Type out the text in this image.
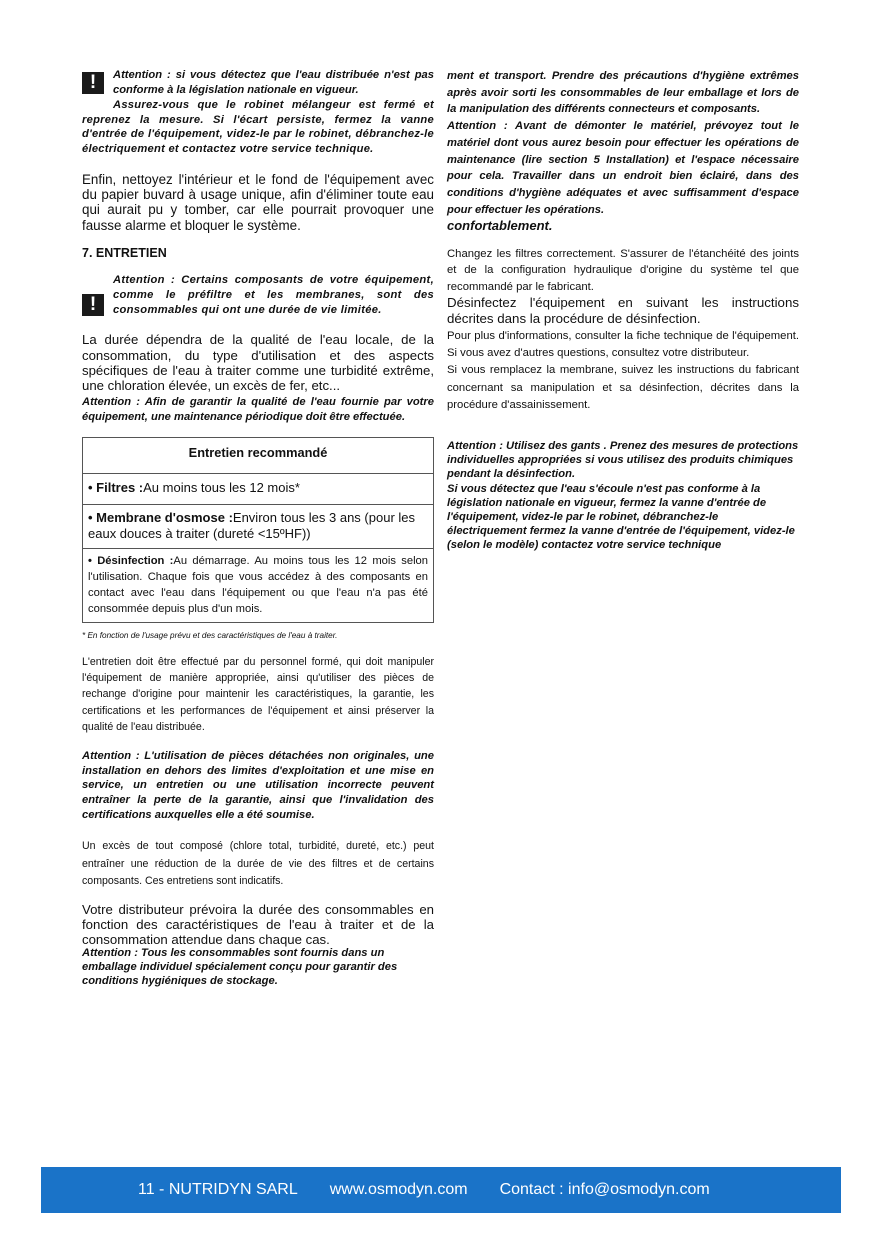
!	Attention : si vous détectez que l'eau distribuée n'est pas conforme à la législation nationale en vigueur.

Assurez-vous que le robinet mélangeur est fermé et reprenez la mesure. Si l'écart persiste, fermez la vanne d'entrée de l'équipement, videz-le par le robinet, débranchez-le électriquement et contactez votre service technique.

Enfin, nettoyez l'intérieur et le fond de l'équipement avec du papier buvard à usage unique, afin d'éliminer toute eau qui aurait pu y tomber, car elle pourrait provoquer une fausse alarme et bloquer le système.

7. ENTRETIEN
!

Attention : Certains composants de votre équipement, comme le préfiltre et les membranes, sont des consommables qui ont une durée de vie limitée.

La durée dépendra de la qualité de l'eau locale, de la consommation, du type d'utilisation et des aspects spécifiques de l'eau à traiter comme une turbidité extrême, une chloration élevée, un excès de fer, etc...

Attention : Afin de garantir la qualité de l'eau fournie par votre équipement, une maintenance périodique doit être effectuée.

Entretien recommandé
• Filtres :Au moins tous les 12 mois*
• Membrane d'osmose :Environ tous les 3 ans (pour les eaux douces à traiter (dureté <15ºHF))
• Désinfection :Au démarrage. Au moins tous les 12 mois selon l'utilisation. Chaque fois que vous accédez à des composants en contact avec l'eau dans l'équipement ou que l'eau n'a pas été consommée depuis plus d'un mois.

* En fonction de l'usage prévu et des caractéristiques de l'eau à traiter.

L'entretien doit être effectué par du personnel formé, qui doit manipuler l'équipement de manière appropriée, ainsi qu'utiliser des pièces de rechange d'origine pour maintenir les caractéristiques, la garantie, les certifications et les performances de l'équipement et ainsi préserver la qualité de l'eau distribuée.

Attention : L'utilisation de pièces détachées non originales, une installation en dehors des limites d'exploitation et une mise en service, un entretien ou une utilisation incorrecte peuvent entraîner la perte de la garantie, ainsi que l'invalidation des certifications auxquelles elle a été soumise.

Un excès de tout composé (chlore total, turbidité, dureté, etc.) peut entraîner une réduction de la durée de vie des filtres et de certains composants. Ces entretiens sont indicatifs.

Votre distributeur prévoira la durée des consommables en fonction des caractéristiques de l'eau à traiter et de la consommation attendue dans chaque cas.

Attention : Tous les consommables sont fournis dans un emballage individuel spécialement conçu pour garantir des conditions hygiéniques de stockage.

ment et transport. Prendre des précautions d'hygiène extrêmes après avoir sorti les consommables de leur emballage et lors de la manipulation des différents connecteurs et composants.

Attention : Avant de démonter le matériel, prévoyez tout le matériel dont vous aurez besoin pour effectuer les opérations de maintenance (lire section 5 Installation) et l'espace nécessaire pour cela. Travailler dans un endroit bien éclairé, dans des conditions d'hygiène adéquates et avec suffisamment d'espace pour effectuer les opérations.

confortablement.

Changez les filtres correctement. S'assurer de l'étanchéité des joints et de la configuration hydraulique d'origine du système tel que recommandé par le fabricant.

Désinfectez l'équipement en suivant les instructions décrites dans la procédure de désinfection.

Pour plus d'informations, consulter la fiche technique de l'équipement. Si vous avez d'autres questions, consultez votre distributeur.

Si vous remplacez la membrane, suivez les instructions du fabricant concernant sa manipulation et sa désinfection, décrites dans la procédure d'assainissement.

Attention : Utilisez des gants . Prenez des mesures de protections individuelles appropriées si vous utilisez des produits chimiques pendant la désinfection.

Si vous détectez que l'eau s'écoule n'est pas conforme à la législation nationale en vigueur, fermez la vanne d'entrée de l'équipement, videz-le par le robinet, débranchez-le électriquement fermez la vanne d'entrée de l'équipement, videz-le (selon le modèle) contactez votre service technique

11 - NUTRIDYN SARL www.osmodyn.com Contact : info@osmodyn.com
